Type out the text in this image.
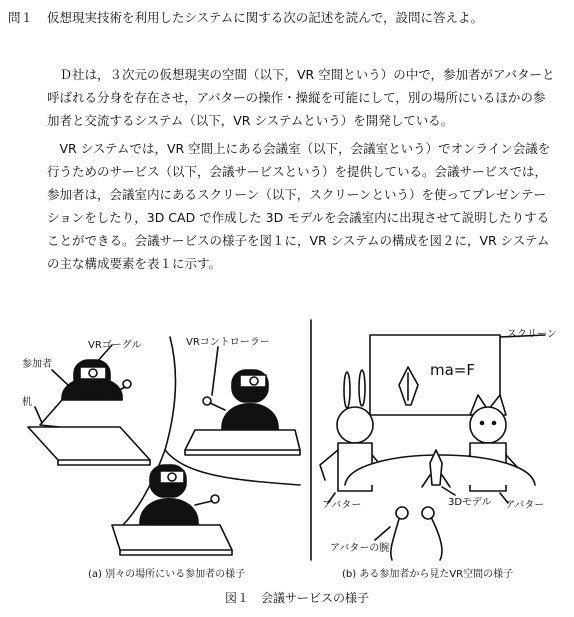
問１ 仮想現実技術を利用したシステムに関する次の記述を読んで，設問に答えよ。

Ｄ社は，３次元の仮想現実の空間（以下，VR 空間という）の中で，参加者がアバターと呼ばれる分身を存在させ，アバターの操作・操縦を可能にして，別の場所にいるほかの参加者と交流するシステム（以下，VR システムという）を開発している。

VR システムでは，VR 空間上にある会議室（以下，会議室という）でオンライン会議を行うためのサービス（以下，会議サービスという）を提供している。会議サービスでは，参加者は，会議室内にあるスクリーン（以下，スクリーンという）を使ってプレゼンテーションをしたり，3D CAD で作成した 3D モデルを会議室内に出現させて説明したりすることができる。会議サービスの様子を図１に，VR システムの構成を図２に，VR システムの主な構成要素を表１に示す。

VRゴーグル
参加者
机
VRコントローラー
スクリーン
ma=F
アバター	アバター
3Dモデル
アバターの腕
(a) 別々の場所にいる参加者の様子	(b) ある参加者から見たVR空間の様子
図１　会議サービスの様子
